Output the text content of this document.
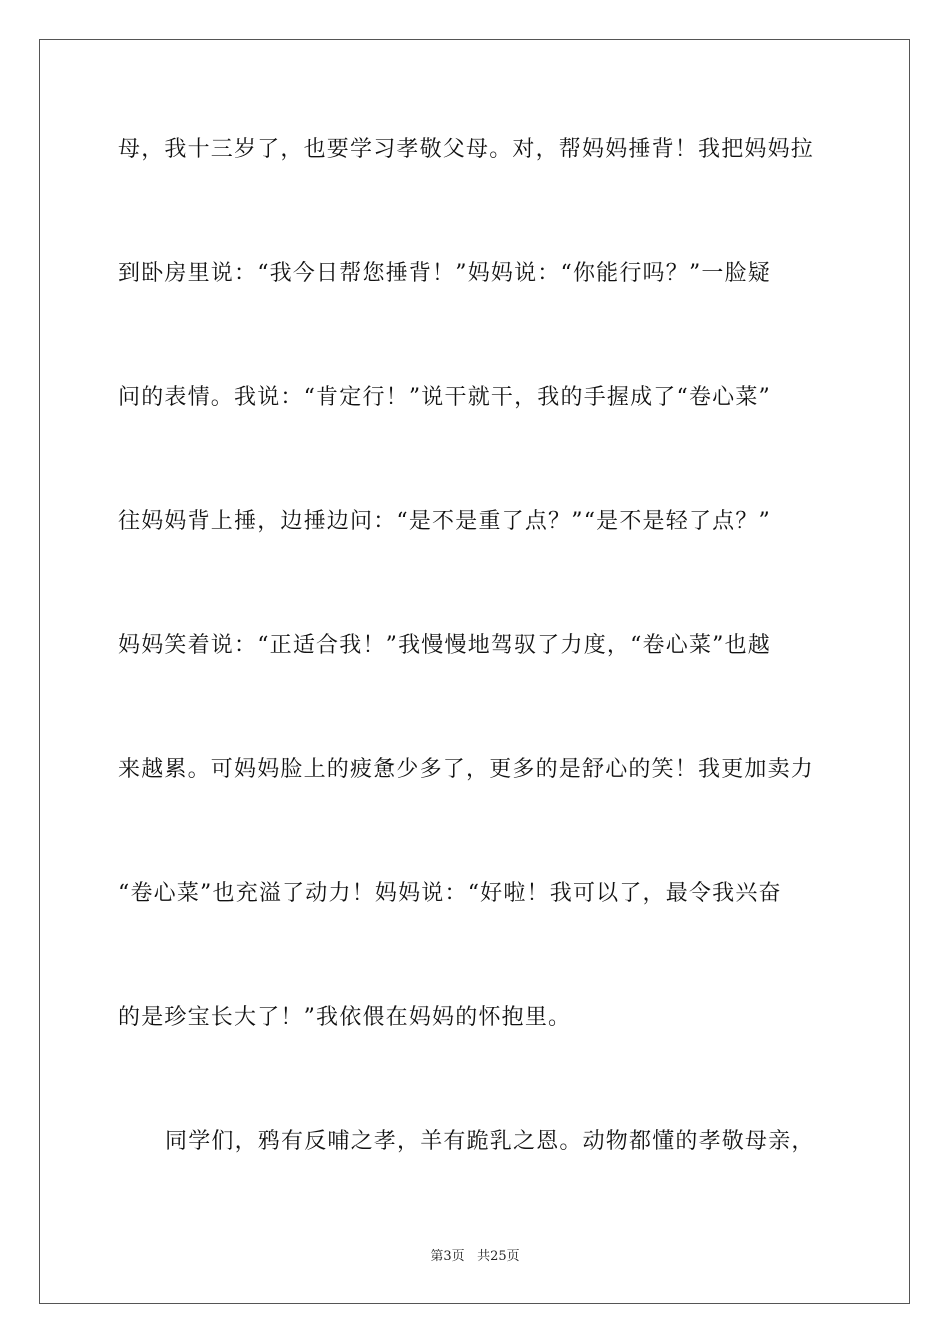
母，我十三岁了，也要学习孝敬父母。对，帮妈妈捶背！我把妈妈拉
到卧房里说：“我今日帮您捶背！”妈妈说：“你能行吗？”一脸疑
问的表情。我说：“肯定行！”说干就干，我的手握成了“卷心菜”
往妈妈背上捶，边捶边问：“是不是重了点？”“是不是轻了点？”
妈妈笑着说：“正适合我！”我慢慢地驾驭了力度，“卷心菜”也越
来越累。可妈妈脸上的疲惫少多了，更多的是舒心的笑！我更加卖力
“卷心菜”也充溢了动力！妈妈说：“好啦！我可以了，最令我兴奋
的是珍宝长大了！”我依偎在妈妈的怀抱里。
同学们，鸦有反哺之孝，羊有跪乳之恩。动物都懂的孝敬母亲，
第3页 共25页
